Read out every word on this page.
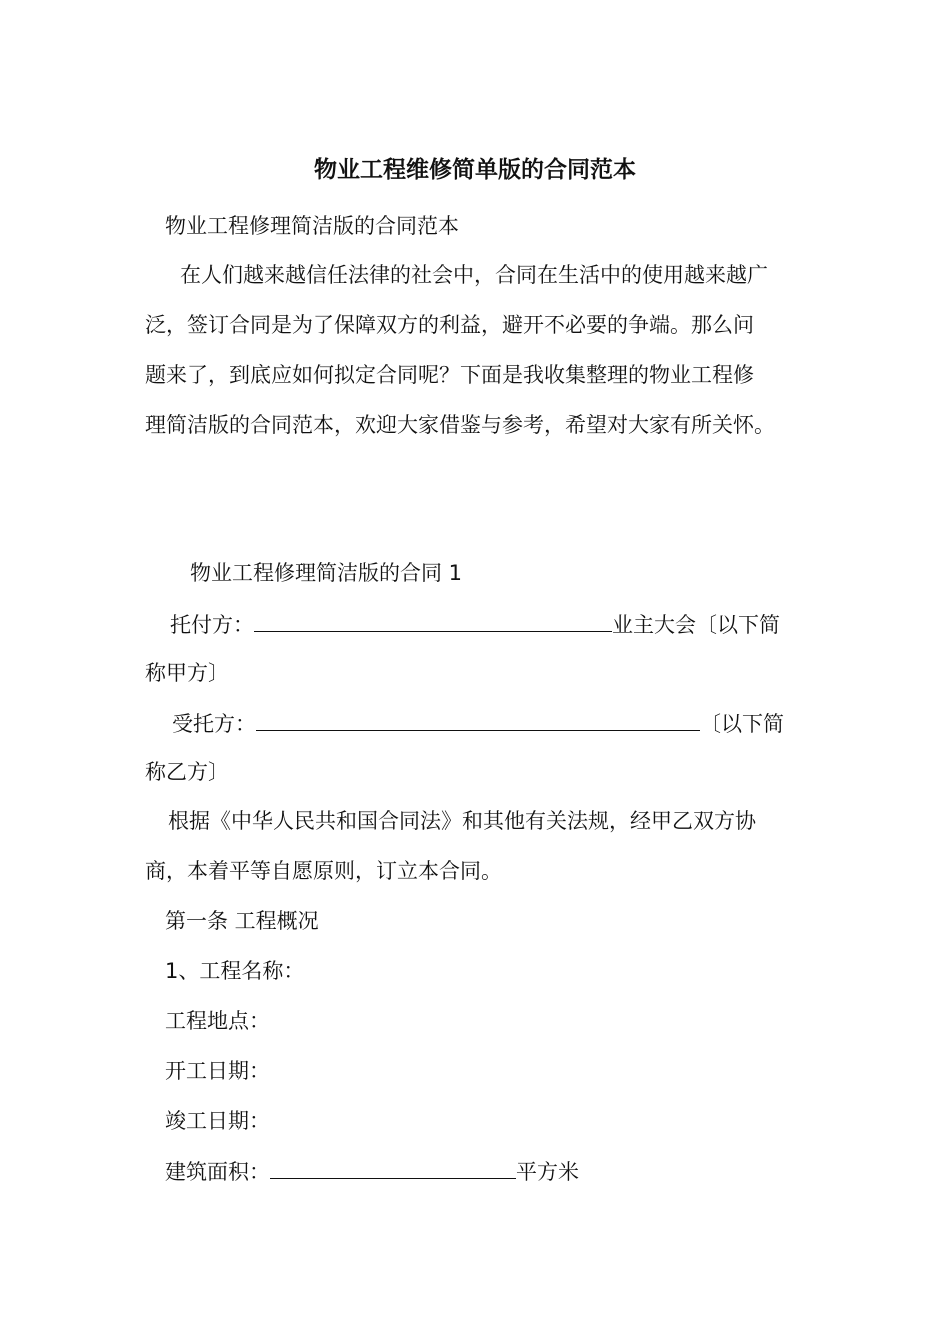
物业工程维修简单版的合同范本
物业工程修理简洁版的合同范本
在人们越来越信任法律的社会中，合同在生活中的使用越来越广
泛，签订合同是为了保障双方的利益，避开不必要的争端。那么问
题来了，到底应如何拟定合同呢？下面是我收集整理的物业工程修
理简洁版的合同范本，欢迎大家借鉴与参考，希望对大家有所关怀。
物业工程修理简洁版的合同 1
托付方：	业主大会〔以下简
称甲方〕
受托方：	〔以下简
称乙方〕
根据《中华人民共和国合同法》和其他有关法规，经甲乙双方协
商，本着平等自愿原则，订立本合同。
第一条 工程概况
1、工程名称：
工程地点：
开工日期：
竣工日期：
建筑面积：	平方米
